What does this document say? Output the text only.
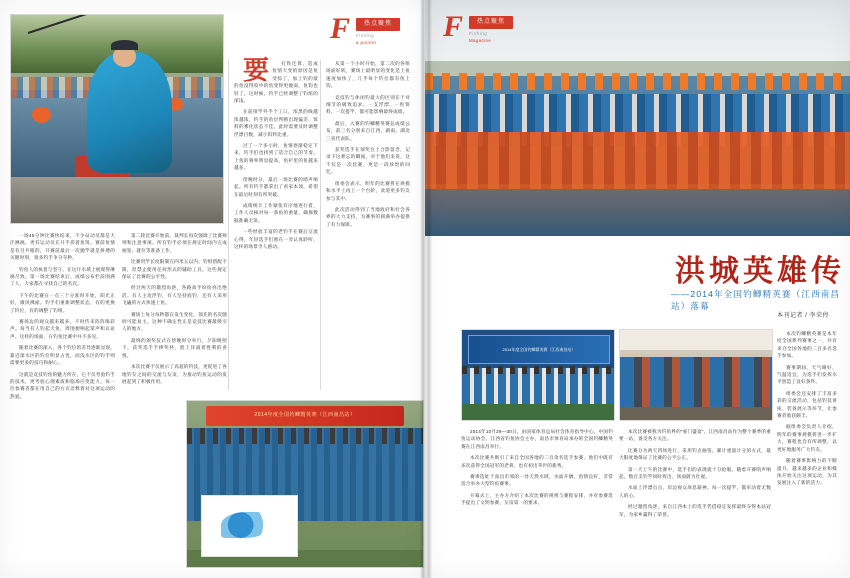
F	热点聚焦
Fishing
a pointer

一场45分钟比赛快结束，不少站动员都是大汗淋漓，更有运动员在开手搓着鱼饵。赛前鱼情是有目共睹的，开赛前最后一次抛竿就是拼搏的关键时刻，很多钓手争分夺秒。

钓鱼人的执着与坚守，在这片水域上展现得淋漓尽致。第一场比赛结束后，成绩公布栏前围满了人，大家都在寻找自己的名次。

下午的比赛在一点三十分准时开始，阳光正好，微风拂面。钓手们重新调整状态，有的更换了钓位，有的调整了钓组。

赛场边的观众越来越多，不时传来阵阵喝彩声。每当有人钓起大鱼，周围便响起掌声和议论声。这样的场面，在钓鱼比赛中并不多见。

随着比赛的深入，各个钓位的差异逐渐显现。靠近深水区的钓位明显占优，而浅水区的钓手则需要更多的技巧和耐心。

这就是竞技钓鱼的魅力所在，它不仅考验钓手的技术，更考验心理素质和临场应变能力。每一位参赛者都在用自己的方式诠释着对这项运动的热爱。

第二轮比赛开始前，裁判长再次强调了比赛规则和注意事项。所有钓手必须在规定时间内完成抽签、就位等准备工作。

比赛用竿长度限制在四米五以内，钓组搭配不限，但禁止使用任何形式的辅助工具。这些规定保证了比赛的公平性。

经过两天的激烈角逐，各路高手纷纷亮出绝活。有人主攻浮钓，有人坚持底钓，还有人采用飞磕的方式快速上鱼。

赛场上每分每秒都在发生变化，领先的名次随时可能易主。这种不确定性正是竞技比赛最吸引人的地方。

最终的颁奖仪式在傍晚时分举行，夕阳映照下，获奖选手手捧奖杯，脸上洋溢着胜利的喜悦。

本次比赛不仅展示了高超的钓技，更促进了各地钓友之间的交流与友谊，为推动钓鱼运动的发展起到了积极作用。

要	打铁还算，造成鱼情大变的原因是鱼受惊了。加上钓的欲的鱼没得咬中的鱼变得更瘦弱，鱼钩也轻了。这时候，钓手已经调整了钓组的深浅。

在前排竿外半个工口，浓黑的线越浓越浓，钓手的鱼层判断出现偏差，饵料的雾化状态不佳。此时需要及时调整浮漂目数，减小饵料比重。

过了一个多小时，鱼情逐渐稳定下来，钓手们也找到了适合自己的节奏。上鱼的频率明显提高，鱼护里的鱼越来越多。

傍晚时分，最后一场比赛的哨声响起。所有钓手都拿出了看家本领，希望在最后时刻有所突破。

成绩统计工作紧张有序地进行着，工作人员核对每一条鱼的重量，确保数据准确无误。

一些经验丰富的老钓手在赛后交流心得，年轻选手们围在一旁认真聆听，这样的场景令人感动。

从第一个小时开始，第二次的各组场面好转，赛场上最明显的变化是上鱼速度加快了，几乎每个钓位都有鱼上钩。

竞技钓与休闲钓最大的区别在于对细节的极致追求。一支浮漂、一粒饵料、一次提竿，都可能影响最终成绩。

最后，入赛的钓鲫精英赛总成绩公布，前三名分别来自江西、湖南、湖北三省代表队。

获奖选手在领奖台上合影留念，记录下这难忘的瞬间。对于他们来说，这不仅是一次比赛，更是一段珍贵的回忆。

组委会表示，明年的比赛将在规模和水平上再上一个台阶，欢迎更多钓友参与其中。

此次活动得到了当地政府和社会各界的大力支持，为赛事的圆满举办提供了有力保障。

2014年度全国钓鲫精英赛（江西南昌站）
F	热点聚焦
Fishing
Magazine
洪城英雄传
——2014年全国钓鲫精英赛（江西南昌站）落幕
本刊记者 / 李荣停
2014年度全国钓鲫精英赛（江西南昌站）

2014年10月29—30日，由国家体育总局社会体育指导中心、中国钓鱼运动协会、江西省钓鱼协会主办，南昌市体育局承办的全国钓鲫精英赛在江西南昌举行。

本次比赛共吸引了来自全国各地的二百余名选手参赛，他们中既有多次获得全国冠军的老将，也有初出茅庐的新秀。

赛事选址于南昌市郊的一处天然水域，水面开阔，鱼情良好，非常适合举办大型钓鱼赛事。

开幕式上，主办方介绍了本次比赛的规则与赛程安排，并对参赛选手提出了文明参赛、友谊第一的要求。

本次比赛被称为钓鱼界的“豪门盛宴”，江西南昌站作为整个赛季的重要一站，备受各方关注。

比赛分为两天四场进行，采用钓点抽签、累计重量计分的方式，最大限度地保证了比赛的公平公正。

第一天上午的比赛中，选手们的表现就十分抢眼。随着开赛哨声响起，数百支钓竿同时挥出，场面蔚为壮观。

水面上浮漂点点，岸边观众屏息凝神。每一次提竿，都牵动着无数人的心。

经过激烈角逐，来自江西本土的选手凭借稳定发挥最终夺得本站冠军，为家乡赢得了荣誉。

本次钓鲫精英赛是本年度全国系列赛事之一，共有来自全国各地的二百多名选手参加。

赛事期间，天气晴好，气温适宜，为选手们发挥水平创造了良好条件。

组委会还安排了丰富多彩的交流活动，包括钓技讲座、装备展示等环节，让参赛者收获颇丰。

据组委会负责人介绍，明年的赛事规模将进一步扩大，赛程也会有所调整，以更好地服务广大钓友。

随着赛事影响力的不断提升，越来越多的企业和媒体开始关注这项运动，为其发展注入了新的活力。
